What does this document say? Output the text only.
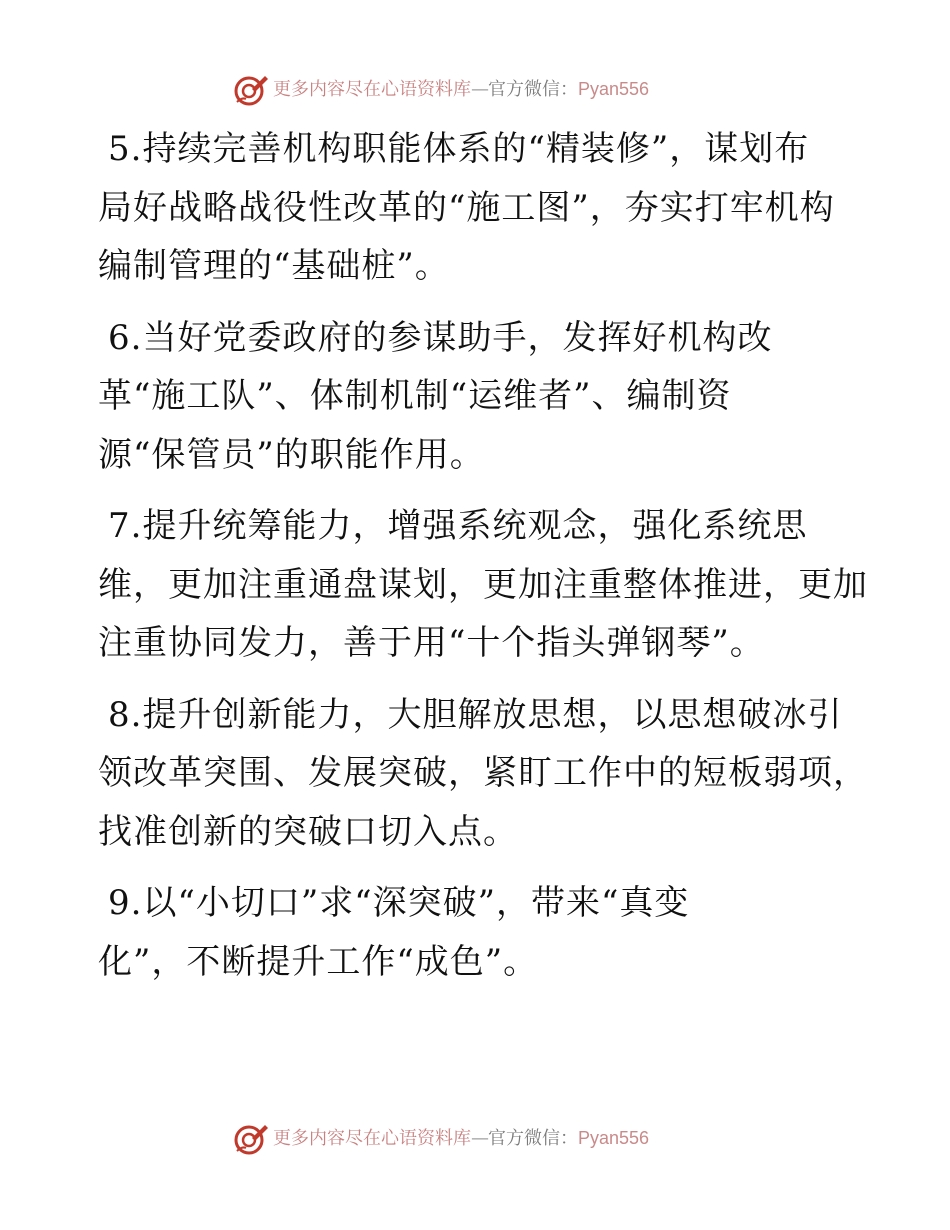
更多内容尽在心语资料库—官方微信：Pyan556
5.持续完善机构职能体系的“精装修”，谋划布
局好战略战役性改革的“施工图”，夯实打牢机构
编制管理的“基础桩”。
6.当好党委政府的参谋助手，发挥好机构改
革“施工队”、体制机制“运维者”、编制资
源“保管员”的职能作用。
7.提升统筹能力，增强系统观念，强化系统思
维，更加注重通盘谋划，更加注重整体推进，更加
注重协同发力，善于用“十个指头弹钢琴”。
8.提升创新能力，大胆解放思想，以思想破冰引
领改革突围、发展突破，紧盯工作中的短板弱项，
找准创新的突破口切入点。
9.以“小切口”求“深突破”，带来“真变
化”，不断提升工作“成色”。
更多内容尽在心语资料库—官方微信：Pyan556
